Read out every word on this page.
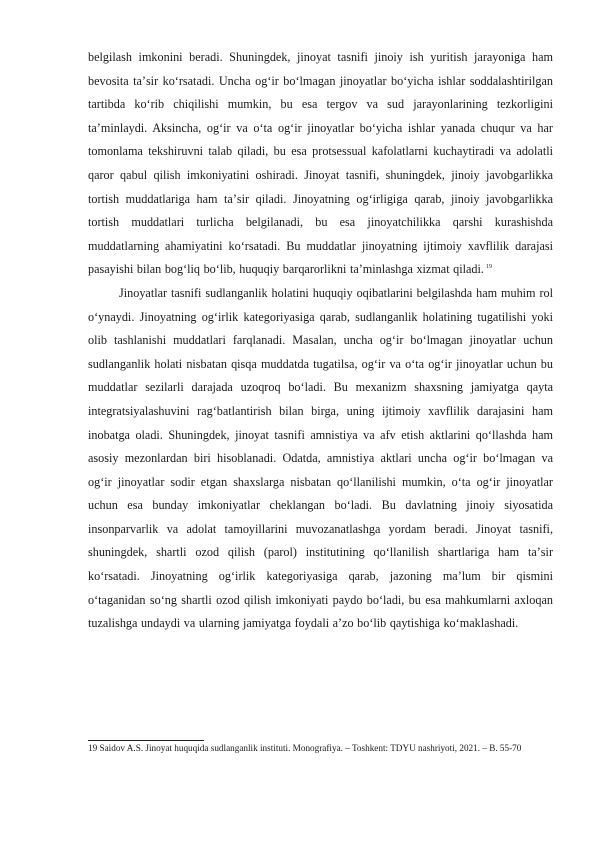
belgilash imkonini beradi. Shuningdek, jinoyat tasnifi jinoiy ish yuritish jarayoniga ham bevosita taʼsir koʻrsatadi. Uncha ogʻir boʻlmagan jinoyatlar boʻyicha ishlar soddalashtirilgan tartibda koʻrib chiqilishi mumkin, bu esa tergov va sud jarayonlarining tezkorligini taʼminlaydi. Aksincha, ogʻir va oʻta ogʻir jinoyatlar boʻyicha ishlar yanada chuqur va har tomonlama tekshiruvni talab qiladi, bu esa protsessual kafolatlarni kuchaytiradi va adolatli qaror qabul qilish imkoniyatini oshiradi. Jinoyat tasnifi, shuningdek, jinoiy javobgarlikka tortish muddatlariga ham taʼsir qiladi. Jinoyatning ogʻirligiga qarab, jinoiy javobgarlikka tortish muddatlari turlicha belgilanadi, bu esa jinoyatchilikka qarshi kurashishda muddatlarning ahamiyatini koʻrsatadi. Bu muddatlar jinoyatning ijtimoiy xavflilik darajasi pasayishi bilan bogʻliq boʻlib, huquqiy barqarorlikni taʼminlashga xizmat qiladi. $^{19}$

Jinoyatlar tasnifi sudlanganlik holatini huquqiy oqibatlarini belgilashda ham muhim rol oʻynaydi. Jinoyatning ogʻirlik kategoriyasiga qarab, sudlanganlik holatining tugatilishi yoki olib tashlanishi muddatlari farqlanadi. Masalan, uncha ogʻir boʻlmagan jinoyatlar uchun sudlanganlik holati nisbatan qisqa muddatda tugatilsa, ogʻir va oʻta ogʻir jinoyatlar uchun bu muddatlar sezilarli darajada uzoqroq boʻladi. Bu mexanizm shaxsning jamiyatga qayta integratsiyalashuvini ragʻbatlantirish bilan birga, uning ijtimoiy xavflilik darajasini ham inobatga oladi. Shuningdek, jinoyat tasnifi amnistiya va afv etish aktlarini qoʻllashda ham asosiy mezonlardan biri hisoblanadi. Odatda, amnistiya aktlari uncha ogʻir boʻlmagan va ogʻir jinoyatlar sodir etgan shaxslarga nisbatan qoʻllanilishi mumkin, oʻta ogʻir jinoyatlar uchun esa bunday imkoniyatlar cheklangan boʻladi. Bu davlatning jinoiy siyosatida insonparvarlik va adolat tamoyillarini muvozanatlashga yordam beradi. Jinoyat tasnifi, shuningdek, shartli ozod qilish (parol) institutining qoʻllanilish shartlariga ham taʼsir koʻrsatadi. Jinoyatning ogʻirlik kategoriyasiga qarab, jazoning maʼlum bir qismini oʻtaganidan soʻng shartli ozod qilish imkoniyati paydo boʻladi, bu esa mahkumlarni axloqan tuzalishga undaydi va ularning jamiyatga foydali aʼzo boʻlib qaytishiga koʻmaklashadi.

19 Saidov A.S. Jinoyat huquqida sudlanganlik instituti. Monografiya. – Toshkent: TDYU nashriyoti, 2021. – B. 55-70
